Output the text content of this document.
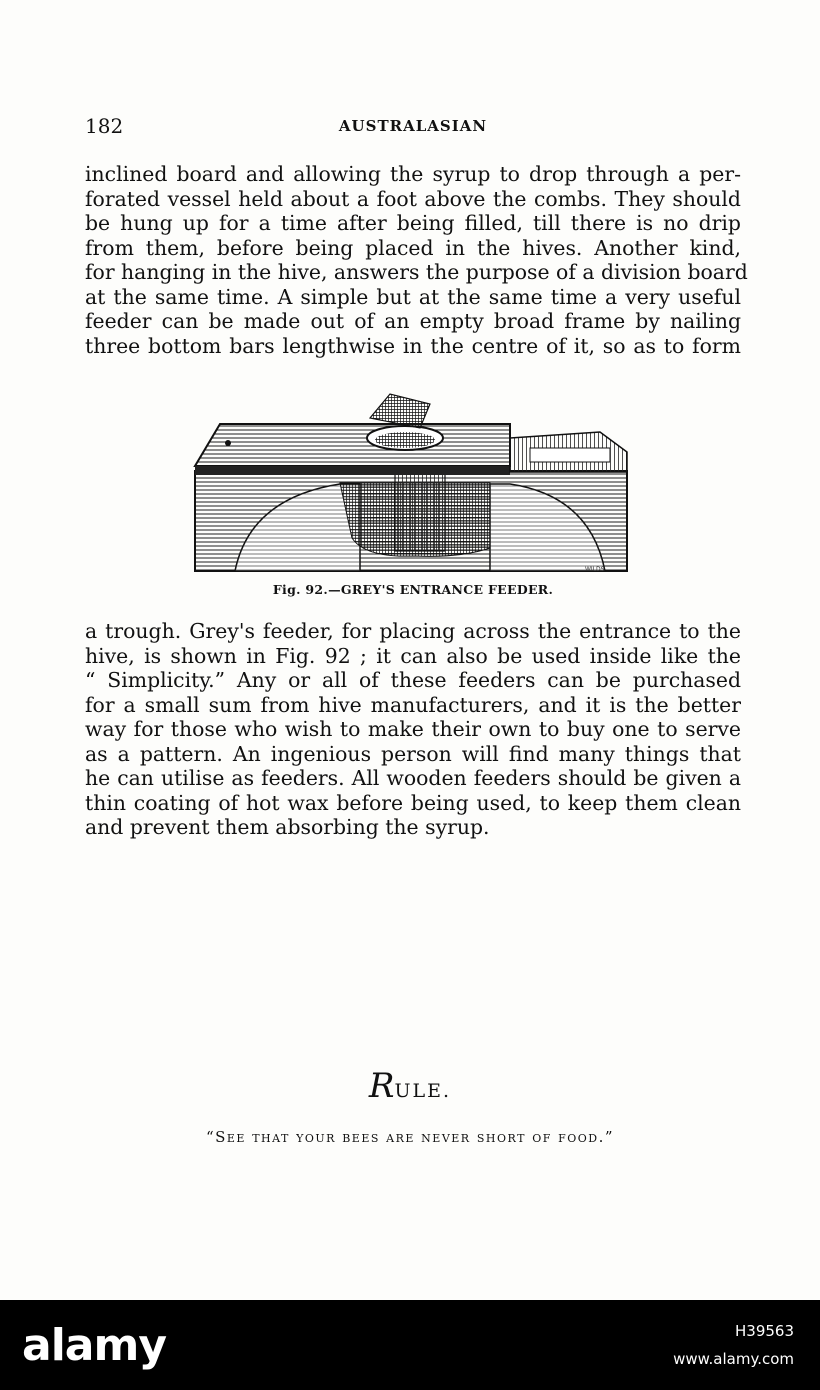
182	AUSTRALASIAN

inclined board and allowing the syrup to drop through a per-
forated vessel held about a foot above the combs. They should
be hung up for a time after being filled, till there is no drip
from them, before being placed in the hives. Another kind,
for hanging in the hive, answers the purpose of a division board
at the same time. A simple but at the same time a very useful
feeder can be made out of an empty broad frame by nailing
three bottom bars lengthwise in the centre of it, so as to form

WILDS
Fig. 92.—GREY'S ENTRANCE FEEDER.

a trough. Grey's feeder, for placing across the entrance to the
hive, is shown in Fig. 92 ; it can also be used inside like the
“ Simplicity.” Any or all of these feeders can be purchased
for a small sum from hive manufacturers, and it is the better
way for those who wish to make their own to buy one to serve
as a pattern. An ingenious person will find many things that
he can utilise as feeders. All wooden feeders should be given a
thin coating of hot wax before being used, to keep them clean
and prevent them absorbing the syrup.

RULE.
“See that your bees are never short of food.”
alamy	H39563
www.alamy.com
